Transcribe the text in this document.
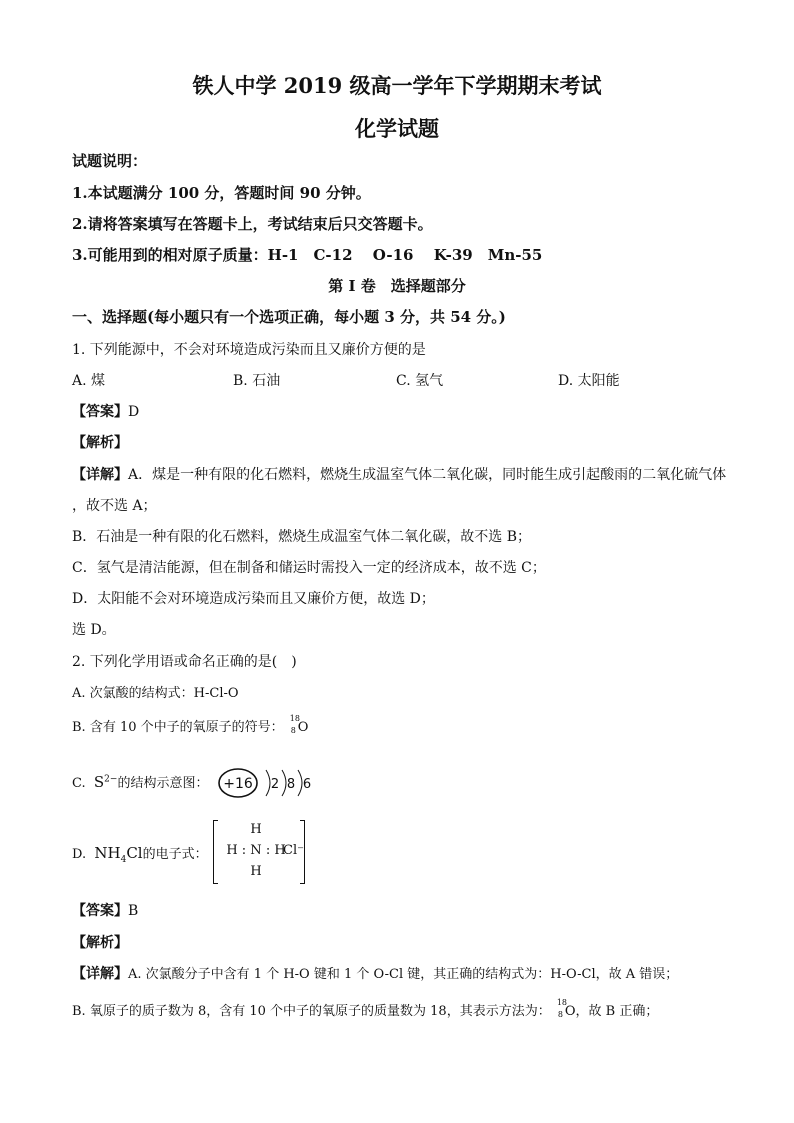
铁人中学 2019 级高一学年下学期期末考试
化学试题
试题说明：
1.本试题满分 100 分，答题时间 90 分钟。
2.请将答案填写在答题卡上，考试结束后只交答题卡。
3.可能用到的相对原子质量：H-1　C-12　 O-16　 K-39　Mn-55
第 I 卷　选择题部分
一、选择题(每小题只有一个选项正确，每小题 3 分，共 54 分。)
1. 下列能源中，不会对环境造成污染而且又廉价方便的是
A. 煤	B. 石油	C. 氢气	D. 太阳能
【答案】D
【解析】
【详解】A．煤是一种有限的化石燃料，燃烧生成温室气体二氧化碳，同时能生成引起酸雨的二氧化硫气体
，故不选 A；
B．石油是一种有限的化石燃料，燃烧生成温室气体二氧化碳，故不选 B；
C．氢气是清洁能源，但在制备和储运时需投入一定的经济成本，故不选 C；
D．太阳能不会对环境造成污染而且又廉价方便，故选 D；
选 D。
2. 下列化学用语或命名正确的是(　)
A. 次氯酸的结构式：H-Cl-O
B. 含有 10 个中子的氧原子的符号：
18
8 O
C. $S^{2-}$的结构示意图： +16 2 8 6
D. $NH_4Cl$的电子式：
H
H : N : H
H
Cl⁻
【答案】B
【解析】
【详解】A. 次氯酸分子中含有 1 个 H-O 键和 1 个 O-Cl 键，其正确的结构式为：H-O-Cl，故 A 错误；
B. 氧原子的质子数为 8，含有 10 个中子的氧原子的质量数为 18，其表示方法为：
18
8 O，故 B 正确；
